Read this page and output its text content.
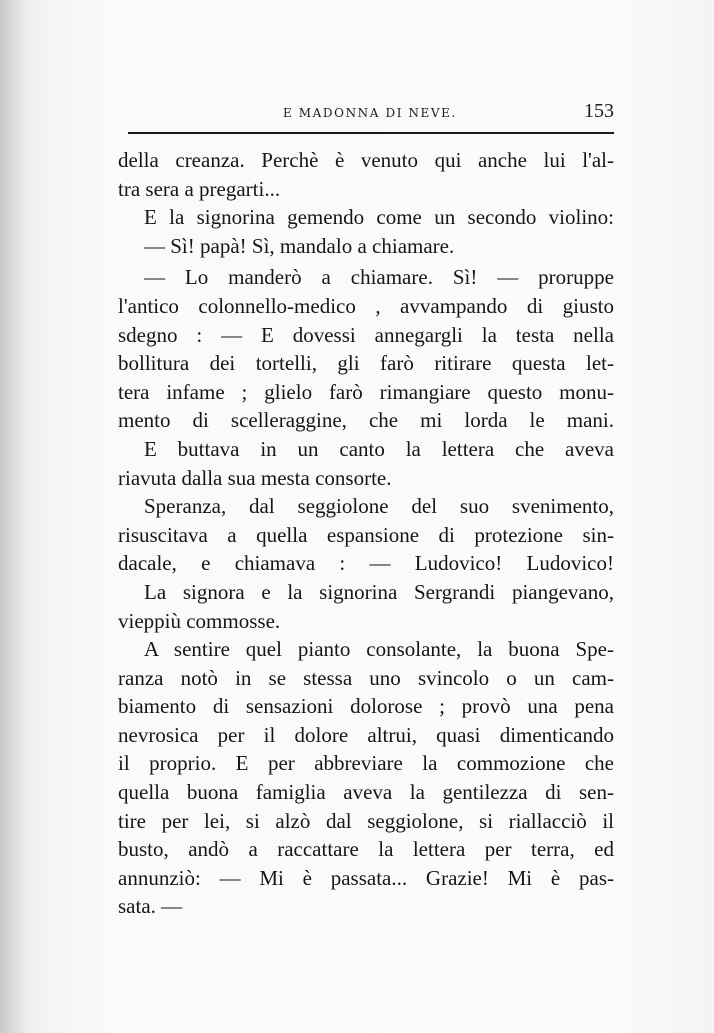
E MADONNA DI NEVE.	153
della creanza. Perchè è venuto qui anche lui l'al-
tra sera a pregarti...
E la signorina gemendo come un secondo violino:
— Sì! papà! Sì, mandalo a chiamare.
— Lo manderò a chiamare. Sì! — proruppe
l'antico colonnello-medico , avvampando di giusto
sdegno : — E dovessi annegargli la testa nella
bollitura dei tortelli, gli farò ritirare questa let-
tera infame ; glielo farò rimangiare questo monu-
mento di scelleraggine, che mi lorda le mani.
E buttava in un canto la lettera che aveva
riavuta dalla sua mesta consorte.
Speranza, dal seggiolone del suo svenimento,
risuscitava a quella espansione di protezione sin-
dacale, e chiamava : — Ludovico! Ludovico!
La signora e la signorina Sergrandi piangevano,
vieppiù commosse.
A sentire quel pianto consolante, la buona Spe-
ranza notò in se stessa uno svincolo o un cam-
biamento di sensazioni dolorose ; provò una pena
nevrosica per il dolore altrui, quasi dimenticando
il proprio. E per abbreviare la commozione che
quella buona famiglia aveva la gentilezza di sen-
tire per lei, si alzò dal seggiolone, si riallacciò il
busto, andò a raccattare la lettera per terra, ed
annunziò: — Mi è passata... Grazie! Mi è pas-
sata. —
